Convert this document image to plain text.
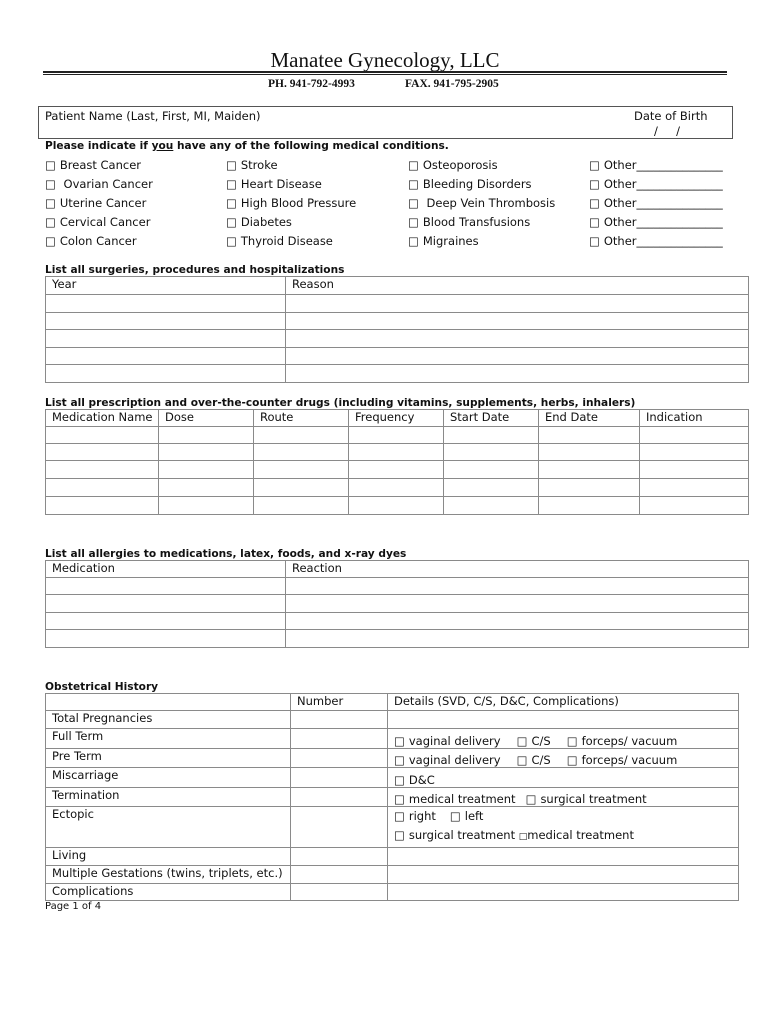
Manatee Gynecology, LLC
PH. 941-792-4993	FAX. 941-795-2905
Patient Name (Last, First, MI, Maiden)	Date of Birth
/     /
Please indicate if you have any of the following medical conditions.
□ Breast Cancer
□ Ovarian Cancer
□ Uterine Cancer
□ Cervical Cancer
□ Colon Cancer
□ Stroke
□ Heart Disease
□ High Blood Pressure
□ Diabetes
□ Thyroid Disease
□ Osteoporosis
□ Bleeding Disorders
□ Deep Vein Thrombosis
□ Blood Transfusions
□ Migraines
□ Other_______________
□ Other_______________
□ Other_______________
□ Other_______________
□ Other_______________
List all surgeries, procedures and hospitalizations
Year	Reason

List all prescription and over-the-counter drugs (including vitamins, supplements, herbs, inhalers)
Medication Name	Dose	Route	Frequency	Start Date	End Date	Indication

List all allergies to medications, latex, foods, and x-ray dyes
Medication	Reaction

Obstetrical History
	Number	Details (SVD, C/S, D&C, Complications)
Total Pregnancies		
Full Term		□ vaginal delivery □ C/S □ forceps/ vacuum
Pre Term		□ vaginal delivery □ C/S □ forceps/ vacuum
Miscarriage		□ D&C
Termination		□ medical treatment □ surgical treatment
Ectopic		□ right □ left
□ surgical treatment □medical treatment

Living		
Multiple Gestations (twins, triplets, etc.)		
Complications		
Page 1 of 4
